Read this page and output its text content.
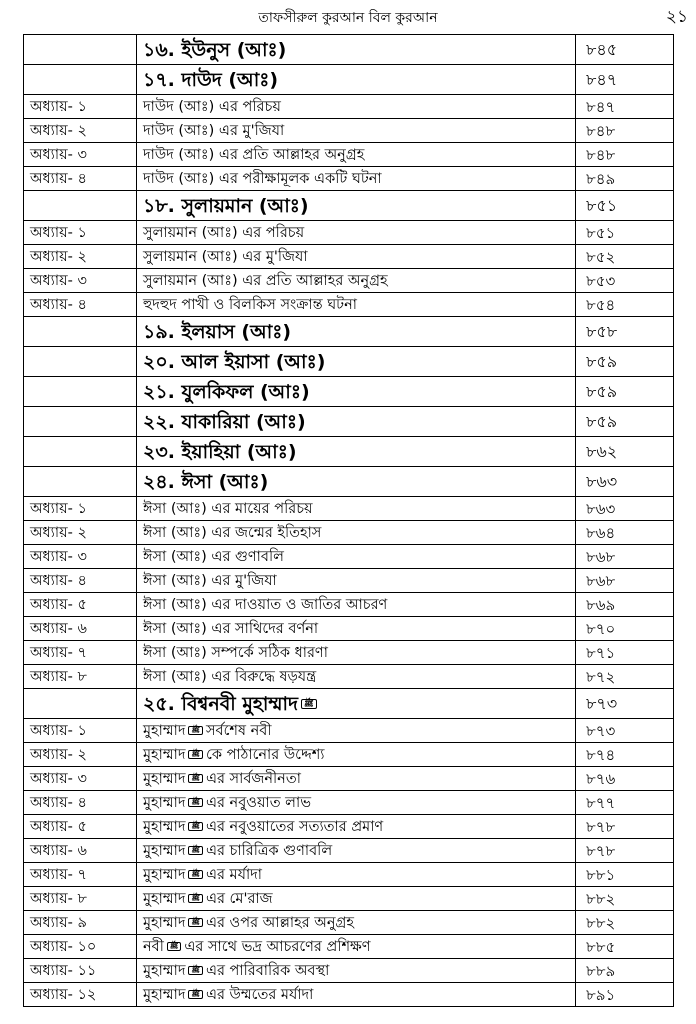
তাফসীরুল কুরআন বিল কুরআন	২১
	১৬. ইউনুস (আঃ)	৮৪৫
	১৭. দাউদ (আঃ)	৮৪৭
অধ্যায়- ১	দাউদ (আঃ) এর পরিচয়	৮৪৭
অধ্যায়- ২	দাউদ (আঃ) এর মু'জিযা	৮৪৮
অধ্যায়- ৩	দাউদ (আঃ) এর প্রতি আল্লাহর অনুগ্রহ	৮৪৮
অধ্যায়- ৪	দাউদ (আঃ) এর পরীক্ষামূলক একটি ঘটনা	৮৪৯
	১৮. সুলায়মান (আঃ)	৮৫১
অধ্যায়- ১	সুলায়মান (আঃ) এর পরিচয়	৮৫১
অধ্যায়- ২	সুলায়মান (আঃ) এর মু'জিযা	৮৫২
অধ্যায়- ৩	সুলায়মান (আঃ) এর প্রতি আল্লাহর অনুগ্রহ	৮৫৩
অধ্যায়- ৪	হুদহুদ পাখী ও বিলকিস সংক্রান্ত ঘটনা	৮৫৪
	১৯. ইলয়াস (আঃ)	৮৫৮
	২০. আল ইয়াসা (আঃ)	৮৫৯
	২১. যুলকিফল (আঃ)	৮৫৯
	২২. যাকারিয়া (আঃ)	৮৫৯
	২৩. ইয়াহিয়া (আঃ)	৮৬২
	২৪. ঈসা (আঃ)	৮৬৩
অধ্যায়- ১	ঈসা (আঃ) এর মায়ের পরিচয়	৮৬৩
অধ্যায়- ২	ঈসা (আঃ) এর জন্মের ইতিহাস	৮৬৪
অধ্যায়- ৩	ঈসা (আঃ) এর গুণাবলি	৮৬৮
অধ্যায়- ৪	ঈসা (আঃ) এর মু'জিযা	৮৬৮
অধ্যায়- ৫	ঈসা (আঃ) এর দাওয়াত ও জাতির আচরণ	৮৬৯
অধ্যায়- ৬	ঈসা (আঃ) এর সাথিদের বর্ণনা	৮৭০
অধ্যায়- ৭	ঈসা (আঃ) সম্পর্কে সঠিক ধারণা	৮৭১
অধ্যায়- ৮	ঈসা (আঃ) এর বিরুদ্ধে ষড়যন্ত্র	৮৭২
	২৫. বিশ্বনবী মুহাম্মাদ ﷺ	৮৭৩
অধ্যায়- ১	মুহাম্মাদ ﷺ সর্বশেষ নবী	৮৭৩
অধ্যায়- ২	মুহাম্মাদ ﷺ কে পাঠানোর উদ্দেশ্য	৮৭৪
অধ্যায়- ৩	মুহাম্মাদ ﷺ এর সার্বজনীনতা	৮৭৬
অধ্যায়- ৪	মুহাম্মাদ ﷺ এর নবুওয়াত লাভ	৮৭৭
অধ্যায়- ৫	মুহাম্মাদ ﷺ এর নবুওয়াতের সত্যতার প্রমাণ	৮৭৮
অধ্যায়- ৬	মুহাম্মাদ ﷺ এর চারিত্রিক গুণাবলি	৮৭৮
অধ্যায়- ৭	মুহাম্মাদ ﷺ এর মর্যাদা	৮৮১
অধ্যায়- ৮	মুহাম্মাদ ﷺ এর মে'রাজ	৮৮২
অধ্যায়- ৯	মুহাম্মাদ ﷺ এর ওপর আল্লাহর অনুগ্রহ	৮৮২
অধ্যায়- ১০	নবী ﷺ এর সাথে ভদ্র আচরণের প্রশিক্ষণ	৮৮৫
অধ্যায়- ১১	মুহাম্মাদ ﷺ এর পারিবারিক অবস্থা	৮৮৯
অধ্যায়- ১২	মুহাম্মাদ ﷺ এর উম্মতের মর্যাদা	৮৯১
